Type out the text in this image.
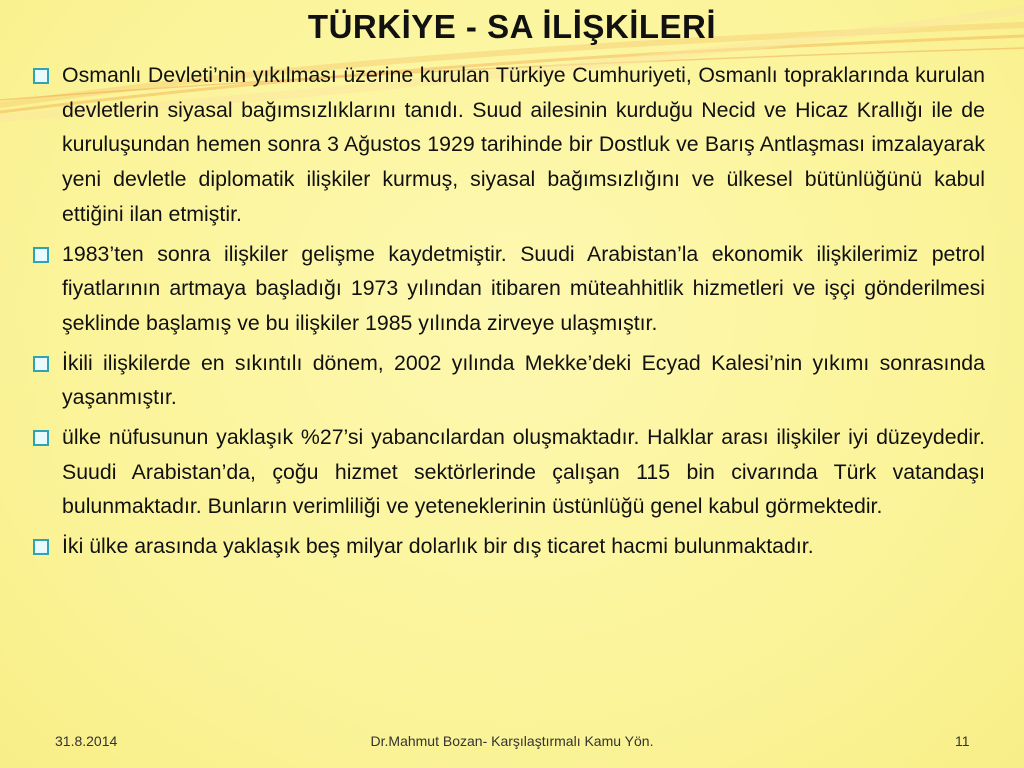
TÜRKİYE - SA İLİŞKİLERİ
Osmanlı Devleti’nin yıkılması üzerine kurulan Türkiye Cumhuriyeti, Osmanlı topraklarında kurulan devletlerin siyasal bağımsızlıklarını tanıdı. Suud ailesinin kurduğu Necid ve Hicaz Krallığı ile de kuruluşundan hemen sonra 3 Ağustos 1929 tarihinde bir Dostluk ve Barış Antlaşması imzalayarak yeni devletle diplomatik ilişkiler kurmuş, siyasal bağımsızlığını ve ülkesel bütünlüğünü kabul ettiğini ilan etmiştir.
1983’ten sonra ilişkiler gelişme kaydetmiştir. Suudi Arabistan’la ekonomik ilişkilerimiz petrol fiyatlarının artmaya başladığı 1973 yılından itibaren müteahhitlik hizmetleri ve işçi gönderilmesi şeklinde başlamış ve bu ilişkiler 1985 yılında zirveye ulaşmıştır.
İkili ilişkilerde en sıkıntılı dönem, 2002 yılında Mekke’deki Ecyad Kalesi’nin yıkımı sonrasında yaşanmıştır.
ülke nüfusunun yaklaşık %27’si yabancılardan oluşmaktadır. Halklar arası ilişkiler iyi düzeydedir. Suudi Arabistan’da, çoğu hizmet sektörlerinde çalışan 115 bin civarında Türk vatandaşı bulunmaktadır. Bunların verimliliği ve yeteneklerinin üstünlüğü genel kabul görmektedir.
İki ülke arasında yaklaşık beş milyar dolarlık bir dış ticaret hacmi bulunmaktadır.
31.8.2014	Dr.Mahmut Bozan- Karşılaştırmalı Kamu Yön.	11
